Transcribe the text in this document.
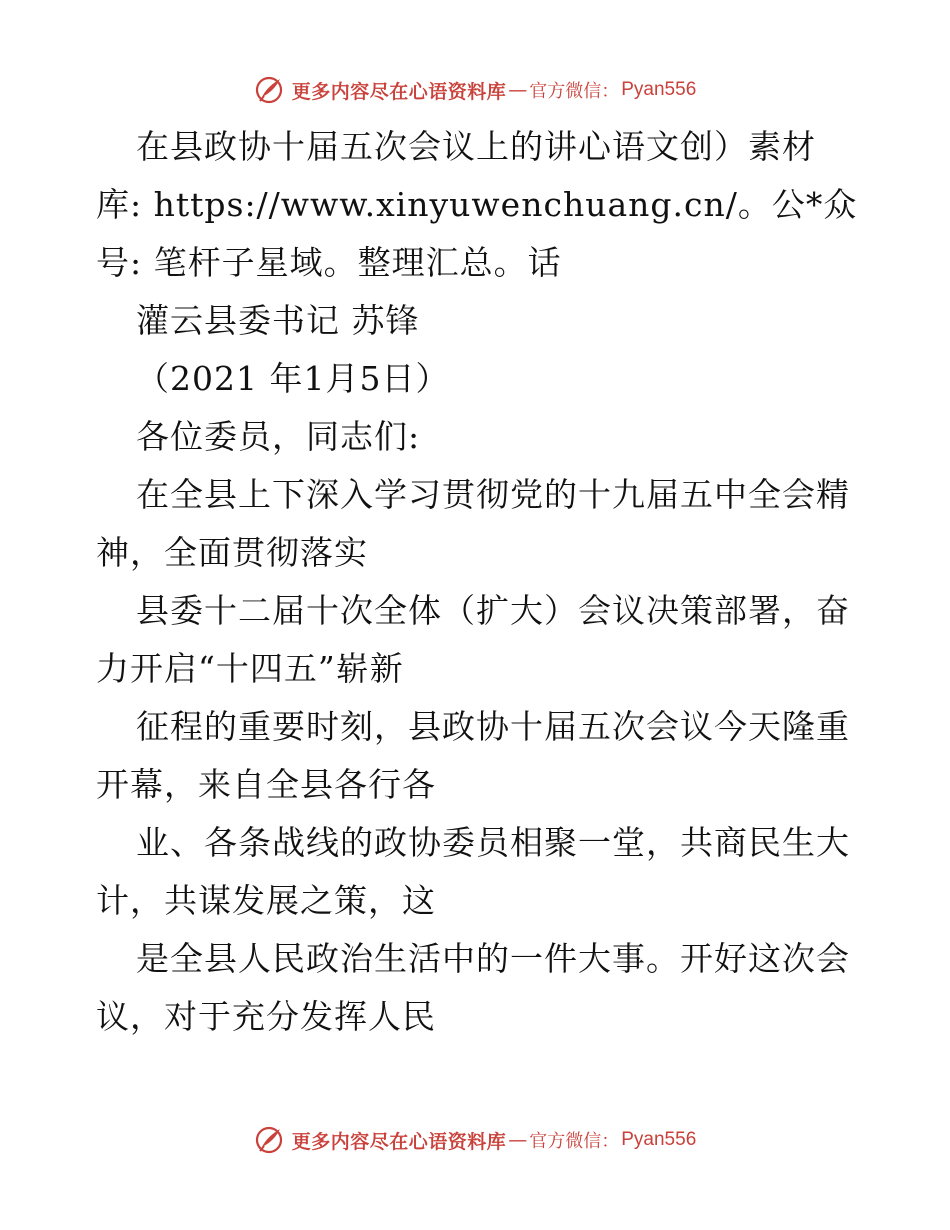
更多内容尽在心语资料库 — 官方微信： Pyan556
在县政协十届五次会议上的讲心语文创）素材
库: https://www.xinyuwenchuang.cn/。公*众
号: 笔杆子星域。整理汇总。话
灌云县委书记 苏锋
（2021 年1月5日）
各位委员，同志们:
在全县上下深入学习贯彻党的十九届五中全会精
神，全面贯彻落实
县委十二届十次全体（扩大）会议决策部署，奋
力开启“十四五”崭新
征程的重要时刻，县政协十届五次会议今天隆重
开幕，来自全县各行各
业、各条战线的政协委员相聚一堂，共商民生大
计，共谋发展之策，这
是全县人民政治生活中的一件大事。开好这次会
议，对于充分发挥人民
更多内容尽在心语资料库 — 官方微信： Pyan556
